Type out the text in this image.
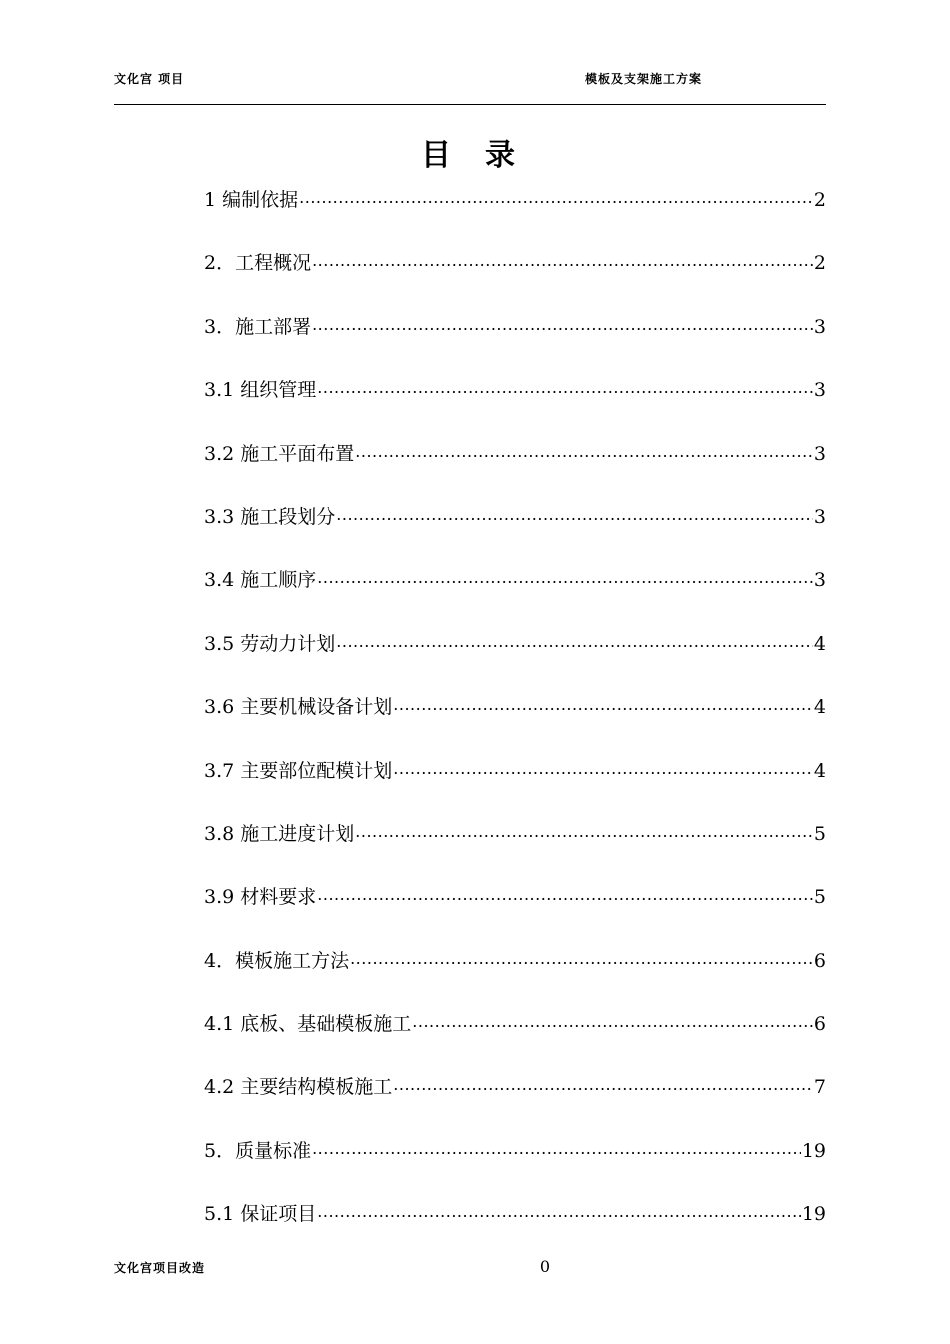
文化宫 项目	模板及支架施工方案
目录
1 编制依据 .....	2
2．工程概况 .....	2
3．施工部署 .....	3
3.1 组织管理 .....	3
3.2 施工平面布置 .....	3
3.3 施工段划分 .....	3
3.4 施工顺序 .....	3
3.5 劳动力计划 .....	4
3.6 主要机械设备计划 .....	4
3.7 主要部位配模计划 .....	4
3.8 施工进度计划 .....	5
3.9 材料要求 .....	5
4．模板施工方法 .....	6
4.1 底板、基础模板施工 .....	6
4.2 主要结构模板施工 .....	7
5．质量标准 .....	19
5.1 保证项目 .....	19
文化宫项目改造	0
